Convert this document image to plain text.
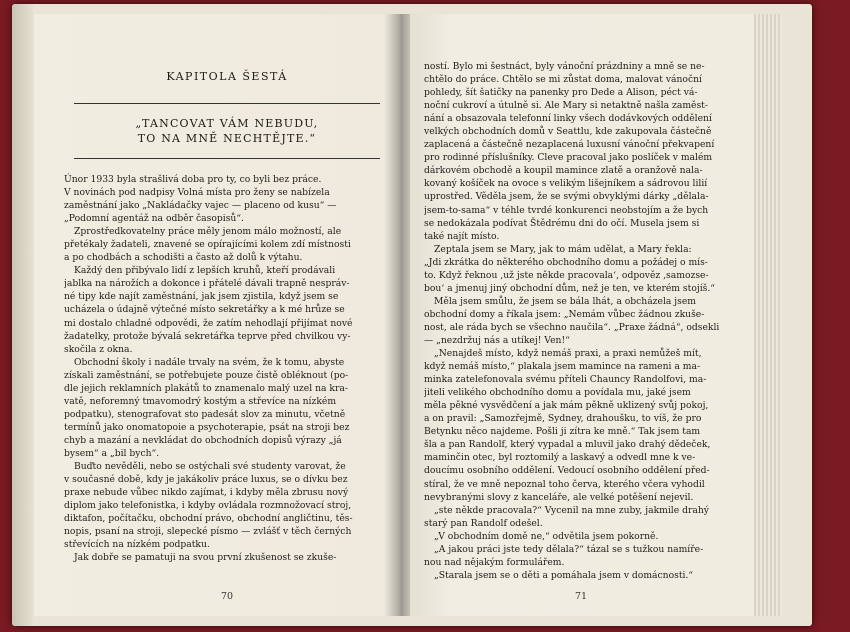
KAPITOLA ŠESTÁ
„TANCOVAT VÁM NEBUDU,
TO NA MNĚ NECHTĚJTE.“

Únor 1933 byla strašlivá doba pro ty, co byli bez práce.

V novinách pod nadpisy Volná místa pro ženy se nabízela

zaměstnání jako „Nakládačky vajec — placeno od kusu“ —

„Podomní agentáž na odběr časopisů“.

Zprostředkovatelny práce měly jenom málo možností, ale

přetékaly žadateli, znavené se opírajícími kolem zdí místnosti

a po chodbách a schodišti a často až dolů k výtahu.

Každý den přibývalo lidí z lepších kruhů, kteří prodávali

jablka na nárožích a dokonce i přátelé dávali trapně nespráv-

né tipy kde najít zaměstnání, jak jsem zjistila, když jsem se

ucházela o údajně výtečné místo sekretářky a k mé hrůze se

mi dostalo chladné odpovědi, že zatím nehodlají přijímat nové

žadatelky, protože bývalá sekretářka teprve před chvilkou vy-

skočila z okna.

Obchodní školy i nadále trvaly na svém, že k tomu, abyste

získali zaměstnání, se potřebujete pouze čistě obléknout (po-

dle jejich reklamních plakátů to znamenalo malý uzel na kra-

vatě, neforemný tmavomodrý kostým a střevíce na nízkém

podpatku), stenografovat sto padesát slov za minutu, včetně

termínů jako onomatopoie a psychoterapie, psát na stroji bez

chyb a mazání a nevkládat do obchodních dopisů výrazy „já

bysem“ a „bil bych“.

Buďto nevěděli, nebo se ostýchali své studenty varovat, že

v současné době, kdy je jakákoliv práce luxus, se o dívku bez

praxe nebude vůbec nikdo zajímat, i kdyby měla zbrusu nový

diplom jako telefonistka, i kdyby ovládala rozmnožovací stroj,

diktafon, počítačku, obchodní právo, obchodní angličtinu, těs-

nopis, psaní na stroji, slepecké písmo — zvlášť v těch černých

střevících na nízkém podpatku.

Jak dobře se pamatuji na svou první zkušenost se zkuše-

70

ností. Bylo mi šestnáct, byly vánoční prázdniny a mně se ne-

chtělo do práce. Chtělo se mi zůstat doma, malovat vánoční

pohledy, šít šatičky na panenky pro Dede a Alison, péct vá-

noční cukroví a útulně si. Ale Mary si netaktně našla zaměst-

nání a obsazovala telefonní linky všech dodávkových oddělení

velkých obchodních domů v Seattlu, kde zakupovala částečně

zaplacená a částečně nezaplacená luxusní vánoční překvapení

pro rodinné příslušníky. Cleve pracoval jako poslíček v malém

dárkovém obchodě a koupil mamince zlatě a oranžově nala-

kovaný košíček na ovoce s velikým lišejníkem a sádrovou lilií

uprostřed. Věděla jsem, že se svými obvyklými dárky „dělala-

jsem-to-sama“ v téhle tvrdé konkurenci neobstojím a že bych

se nedokázala podívat Štědrému dni do očí. Musela jsem si

také najít místo.

Zeptala jsem se Mary, jak to mám udělat, a Mary řekla:

„Jdi zkrátka do některého obchodního domu a požádej o mís-

to. Když řeknou ‚už jste někde pracovala‘, odpověz ‚samozse-

bou‘ a jmenuj jiný obchodní dům, než je ten, ve kterém stojíš.“

Měla jsem smůlu, že jsem se bála lhát, a obcházela jsem

obchodní domy a říkala jsem: „Nemám vůbec žádnou zkuše-

nost, ale ráda bych se všechno naučila“. „Praxe žádná“, odsekli

— „nezdržuj nás a utíkej! Ven!“

„Nenajdeš místo, když nemáš praxi, a praxi nemůžeš mít,

když nemáš místo,“ plakala jsem mamince na rameni a ma-

minka zatelefonovala svému příteli Chauncy Randolfovi, ma-

jiteli velikého obchodního domu a povídala mu, jaké jsem

měla pěkné vysvědčení a jak mám pěkně uklizený svůj pokoj,

a on pravil: „Samozřejmě, Sydney, drahoušku, to víš, že pro

Betynku něco najdeme. Pošli ji zítra ke mně.“ Tak jsem tam

šla a pan Randolf, který vypadal a mluvil jako drahý dědeček,

maminčin otec, byl roztomilý a laskavý a odvedl mne k ve-

doucímu osobního oddělení. Vedoucí osobního oddělení před-

stíral, že ve mně nepoznal toho červa, kterého včera vyhodil

nevybranými slovy z kanceláře, ale velké potěšení nejevil.

„ste někde pracovala?“ Vycenil na mne zuby, jakmile drahý

starý pan Randolf odešel.

„V obchodním domě ne,“ odvětila jsem pokorně.

„A jakou práci jste tedy dělala?“ tázal se s tužkou namíře-

nou nad nějakým formulářem.

„Starala jsem se o děti a pomáhala jsem v domácnosti.“

71
